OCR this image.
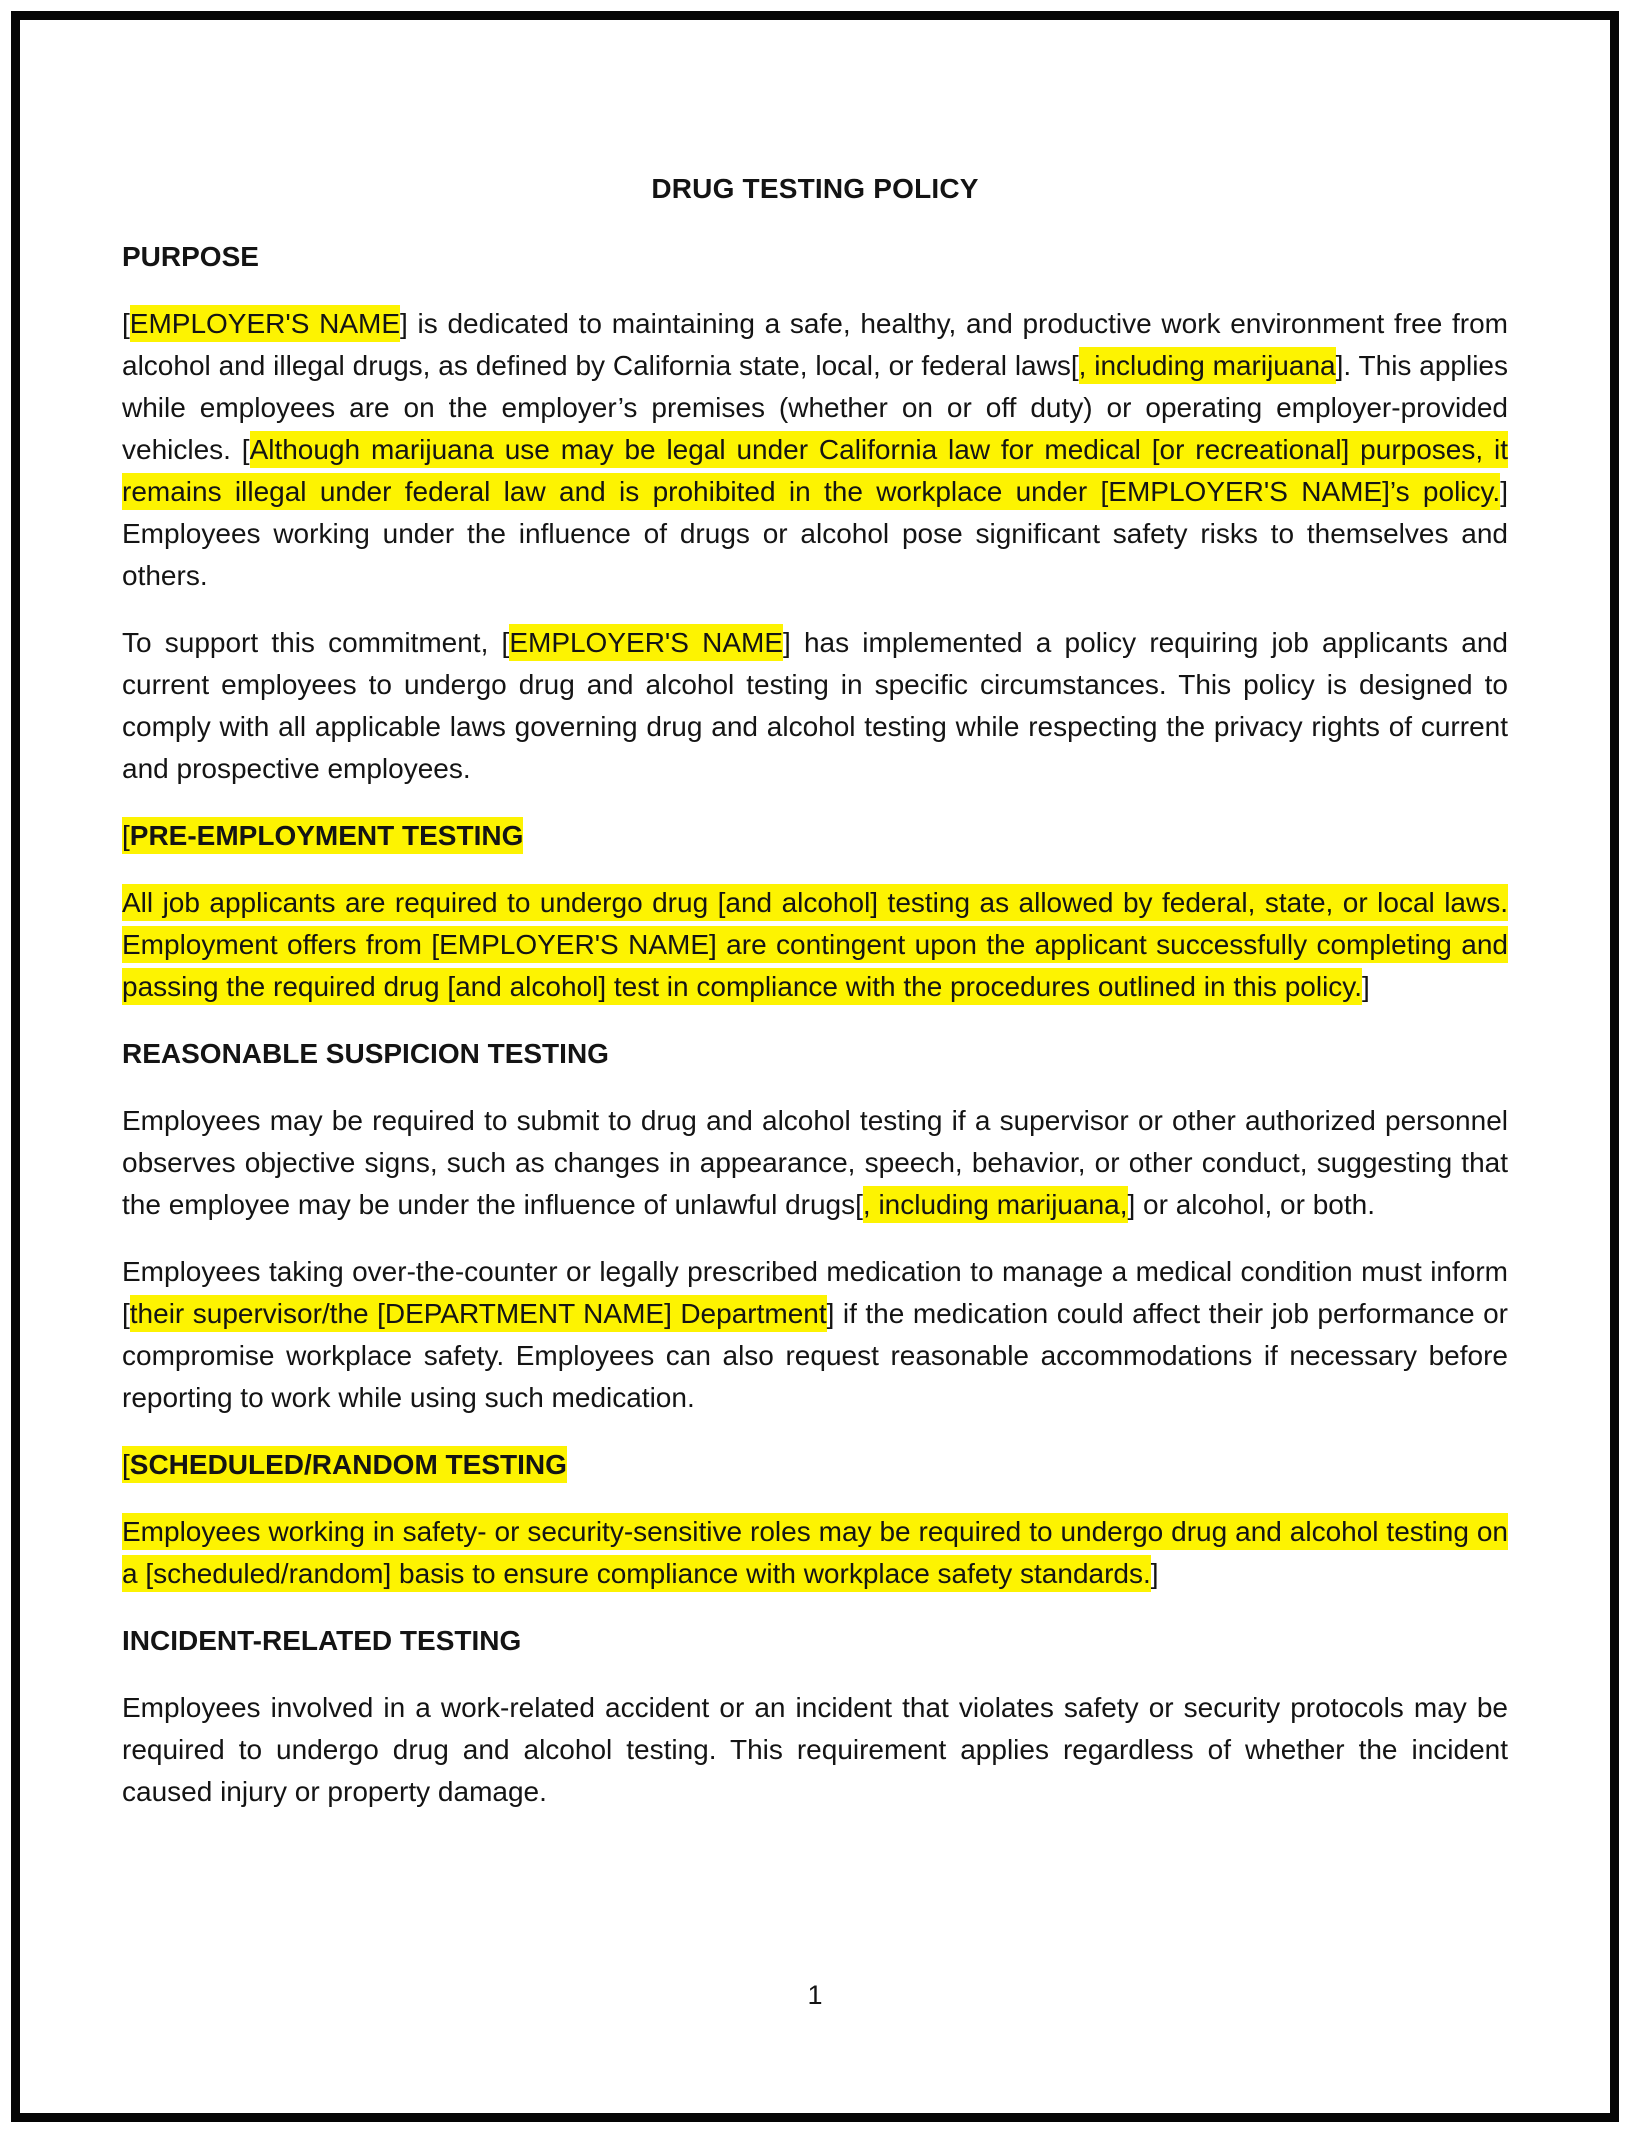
DRUG TESTING POLICY
PURPOSE

[EMPLOYER'S NAME] is dedicated to maintaining a safe, healthy, and productive work environment free from alcohol and illegal drugs, as defined by California state, local, or federal laws[, including marijuana]. This applies while employees are on the employer’s premises (whether on or off duty) or operating employer-provided vehicles. [Although marijuana use may be legal under California law for medical [or recreational] purposes, it remains illegal under federal law and is prohibited in the workplace under [EMPLOYER'S NAME]’s policy.] Employees working under the influence of drugs or alcohol pose significant safety risks to themselves and others.

To support this commitment, [EMPLOYER'S NAME] has implemented a policy requiring job applicants and current employees to undergo drug and alcohol testing in specific circumstances. This policy is designed to comply with all applicable laws governing drug and alcohol testing while respecting the privacy rights of current and prospective employees.

[PRE-EMPLOYMENT TESTING

All job applicants are required to undergo drug [and alcohol] testing as allowed by federal, state, or local laws. Employment offers from [EMPLOYER'S NAME] are contingent upon the applicant successfully completing and passing the required drug [and alcohol] test in compliance with the procedures outlined in this policy.]

REASONABLE SUSPICION TESTING

Employees may be required to submit to drug and alcohol testing if a supervisor or other authorized personnel observes objective signs, such as changes in appearance, speech, behavior, or other conduct, suggesting that the employee may be under the influence of unlawful drugs[, including marijuana,] or alcohol, or both.

Employees taking over-the-counter or legally prescribed medication to manage a medical condition must inform [their supervisor/the [DEPARTMENT NAME] Department] if the medication could affect their job performance or compromise workplace safety. Employees can also request reasonable accommodations if necessary before reporting to work while using such medication.

[SCHEDULED/RANDOM TESTING

Employees working in safety- or security-sensitive roles may be required to undergo drug and alcohol testing on a [scheduled/random] basis to ensure compliance with workplace safety standards.]

INCIDENT-RELATED TESTING

Employees involved in a work-related accident or an incident that violates safety or security protocols may be required to undergo drug and alcohol testing. This requirement applies regardless of whether the incident caused injury or property damage.

1
